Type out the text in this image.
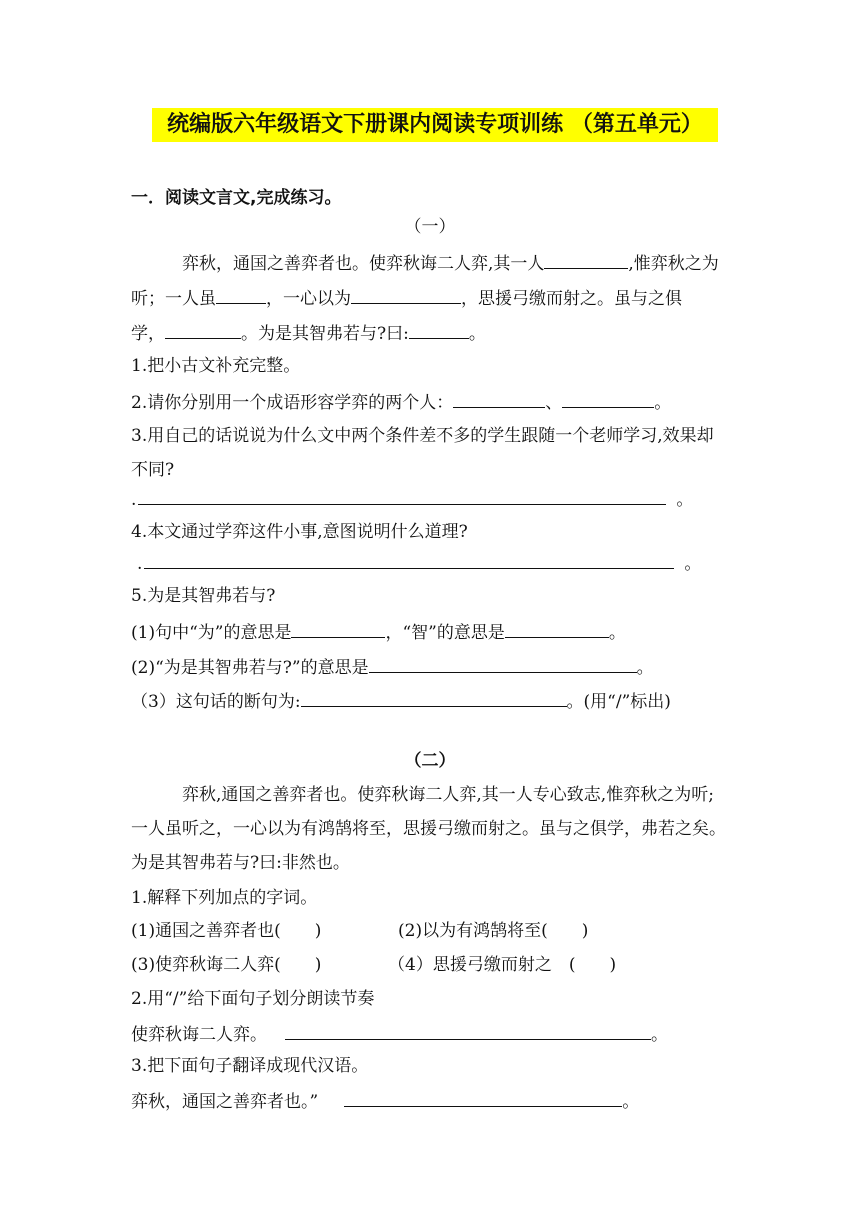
统编版六年级语文下册课内阅读专项训练 （第五单元）
一．阅读文言文,完成练习。
（一）
弈秋，通国之善弈者也。使弈秋诲二人弈,其一人	,惟弈秋之为
听；一人虽	，一心以为	，思援弓缴而射之。虽与之俱
学，	。为是其智弗若与?曰:	。
1.把小古文补充完整。
2.请你分别用一个成语形容学弈的两个人：	、	。
3.用自己的话说说为什么文中两个条件差不多的学生跟随一个老师学习,效果却
不同?
.	。
4.本文通过学弈这件小事,意图说明什么道理?
.	。
5.为是其智弗若与?
(1)句中“为”的意思是	，“智”的意思是	。
(2)“为是其智弗若与?”的意思是	。
（3）这句话的断句为:	。(用“/”标出)
（二）
弈秋,通国之善弈者也。使弈秋诲二人弈,其一人专心致志,惟弈秋之为听;
一人虽听之，一心以为有鸿鹄将至，思援弓缴而射之。虽与之俱学，弗若之矣。
为是其智弗若与?曰:非然也。
1.解释下列加点的字词。
(1)通国之善弈者也(　　)	(2)以为有鸿鹄将至(　　)
(3)使弈秋诲二人弈(　　)	（4）思援弓缴而射之　(　　)
2.用“/”给下面句子划分朗读节奏
使弈秋诲二人弈。	。
3.把下面句子翻译成现代汉语。
弈秋，通国之善弈者也。”	。
